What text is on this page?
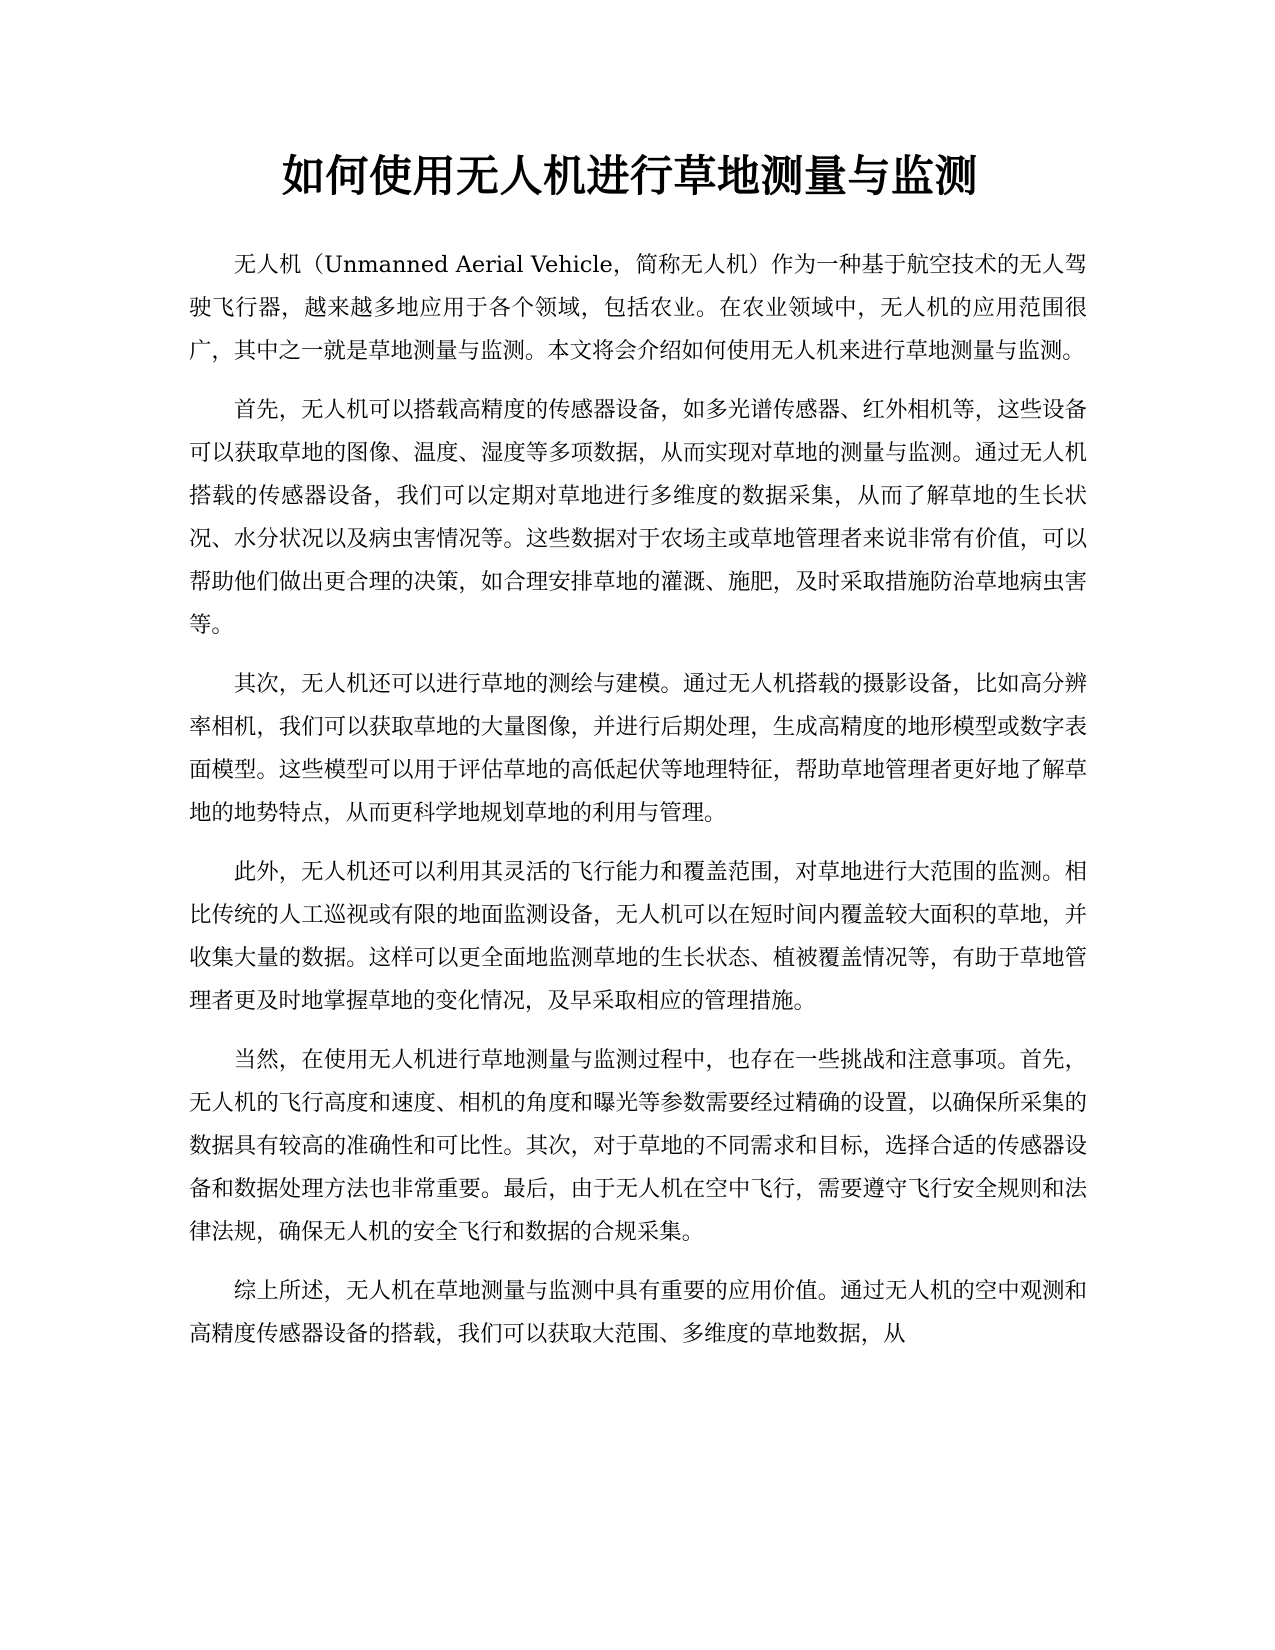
如何使用无人机进行草地测量与监测

无人机（Unmanned Aerial Vehicle，简称无人机）作为一种基于航空技术的无人驾驶飞行器，越来越多地应用于各个领域，包括农业。在农业领域中，无人机的应用范围很广，其中之一就是草地测量与监测。本文将会介绍如何使用无人机来进行草地测量与监测。

首先，无人机可以搭载高精度的传感器设备，如多光谱传感器、红外相机等，这些设备可以获取草地的图像、温度、湿度等多项数据，从而实现对草地的测量与监测。通过无人机搭载的传感器设备，我们可以定期对草地进行多维度的数据采集，从而了解草地的生长状况、水分状况以及病虫害情况等。这些数据对于农场主或草地管理者来说非常有价值，可以帮助他们做出更合理的决策，如合理安排草地的灌溉、施肥，及时采取措施防治草地病虫害等。

其次，无人机还可以进行草地的测绘与建模。通过无人机搭载的摄影设备，比如高分辨率相机，我们可以获取草地的大量图像，并进行后期处理，生成高精度的地形模型或数字表面模型。这些模型可以用于评估草地的高低起伏等地理特征，帮助草地管理者更好地了解草地的地势特点，从而更科学地规划草地的利用与管理。

此外，无人机还可以利用其灵活的飞行能力和覆盖范围，对草地进行大范围的监测。相比传统的人工巡视或有限的地面监测设备，无人机可以在短时间内覆盖较大面积的草地，并收集大量的数据。这样可以更全面地监测草地的生长状态、植被覆盖情况等，有助于草地管理者更及时地掌握草地的变化情况，及早采取相应的管理措施。

当然，在使用无人机进行草地测量与监测过程中，也存在一些挑战和注意事项。首先，无人机的飞行高度和速度、相机的角度和曝光等参数需要经过精确的设置，以确保所采集的数据具有较高的准确性和可比性。其次，对于草地的不同需求和目标，选择合适的传感器设备和数据处理方法也非常重要。最后，由于无人机在空中飞行，需要遵守飞行安全规则和法律法规，确保无人机的安全飞行和数据的合规采集。

综上所述，无人机在草地测量与监测中具有重要的应用价值。通过无人机的空中观测和高精度传感器设备的搭载，我们可以获取大范围、多维度的草地数据，从
